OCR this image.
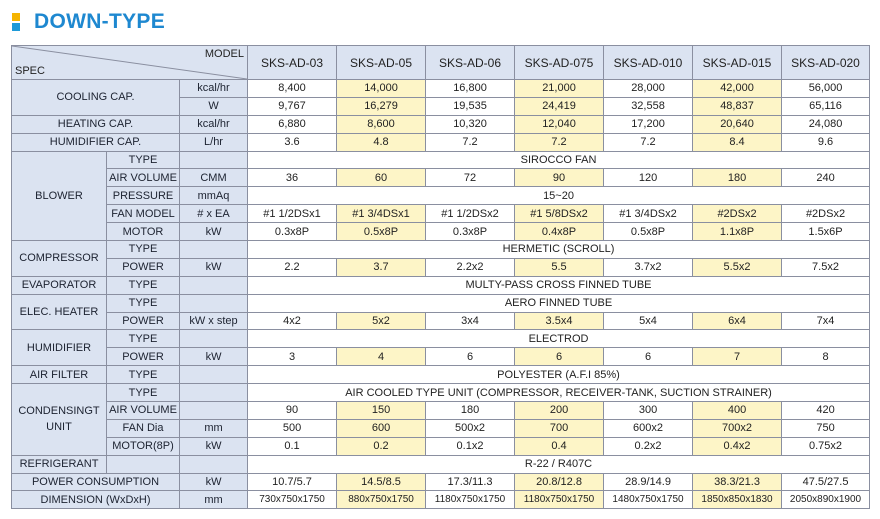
DOWN-TYPE
MODEL
SPEC			SKS-AD-03	SKS-AD-05	SKS-AD-06	SKS-AD-075	SKS-AD-010	SKS-AD-015	SKS-AD-020
COOLING CAP.		kcal/hr	8,400	14,000	16,800	21,000	28,000	42,000	56,000
		W	9,767	16,279	19,535	24,419	32,558	48,837	65,116
HEATING CAP.		kcal/hr	6,880	8,600	10,320	12,040	17,200	20,640	24,080
HUMIDIFIER CAP.		L/hr	3.6	4.8	7.2	7.2	7.2	8.4	9.6
BLOWER	TYPE		SIROCCO FAN						
	AIR VOLUME	CMM	36	60	72	90	120	180	240
	PRESSURE	mmAq	15~20						
	FAN MODEL	# x EA	#1 1/2DSx1	#1 3/4DSx1	#1 1/2DSx2	#1 5/8DSx2	#1 3/4DSx2	#2DSx2	#2DSx2
	MOTOR	kW	0.3x8P	0.5x8P	0.3x8P	0.4x8P	0.5x8P	1.1x8P	1.5x6P
COMPRESSOR	TYPE		HERMETIC (SCROLL)						
	POWER	kW	2.2	3.7	2.2x2	5.5	3.7x2	5.5x2	7.5x2
EVAPORATOR	TYPE		MULTY-PASS CROSS FINNED TUBE						
ELEC. HEATER	TYPE		AERO FINNED TUBE						
	POWER	kW x step	4x2	5x2	3x4	3.5x4	5x4	6x4	7x4
HUMIDIFIER	TYPE		ELECTROD						
	POWER	kW	3	4	6	6	6	7	8
AIR FILTER	TYPE		POLYESTER (A.F.I 85%)						

CONDENSINGT
UNIT	TYPE		AIR COOLED TYPE UNIT (COMPRESSOR, RECEIVER-TANK, SUCTION STRAINER)						
	AIR VOLUME		90	150	180	200	300	400	420
	FAN Dia	mm	500	600	500x2	700	600x2	700x2	750
	MOTOR(8P)	kW	0.1	0.2	0.1x2	0.4	0.2x2	0.4x2	0.75x2
REFRIGERANT			R-22 / R407C						
POWER CONSUMPTION		kW	10.7/5.7	14.5/8.5	17.3/11.3	20.8/12.8	28.9/14.9	38.3/21.3	47.5/27.5
DIMENSION (WxDxH)		mm	730x750x1750	880x750x1750	1180x750x1750	1180x750x1750	1480x750x1750	1850x850x1830	2050x890x1900
